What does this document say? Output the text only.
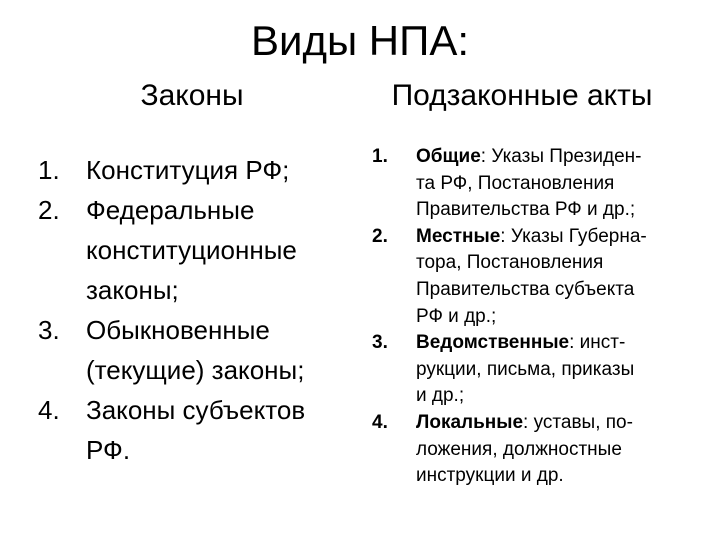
Виды НПА:
Законы	Подзаконные акты
1.	Конституция РФ;
2.	Федеральные
конституционные
законы;
3.	Обыкновенные
(текущие) законы;
4.	Законы субъектов
РФ.
1.	Общие: Указы Президен-
та РФ, Постановления
Правительства РФ и др.;
2.	Местные: Указы Губерна-
тора, Постановления
Правительства субъекта
РФ и др.;
3.	Ведомственные: инст-
рукции, письма, приказы
и др.;
4.	Локальные: уставы, по-
ложения, должностные
инструкции и др.
